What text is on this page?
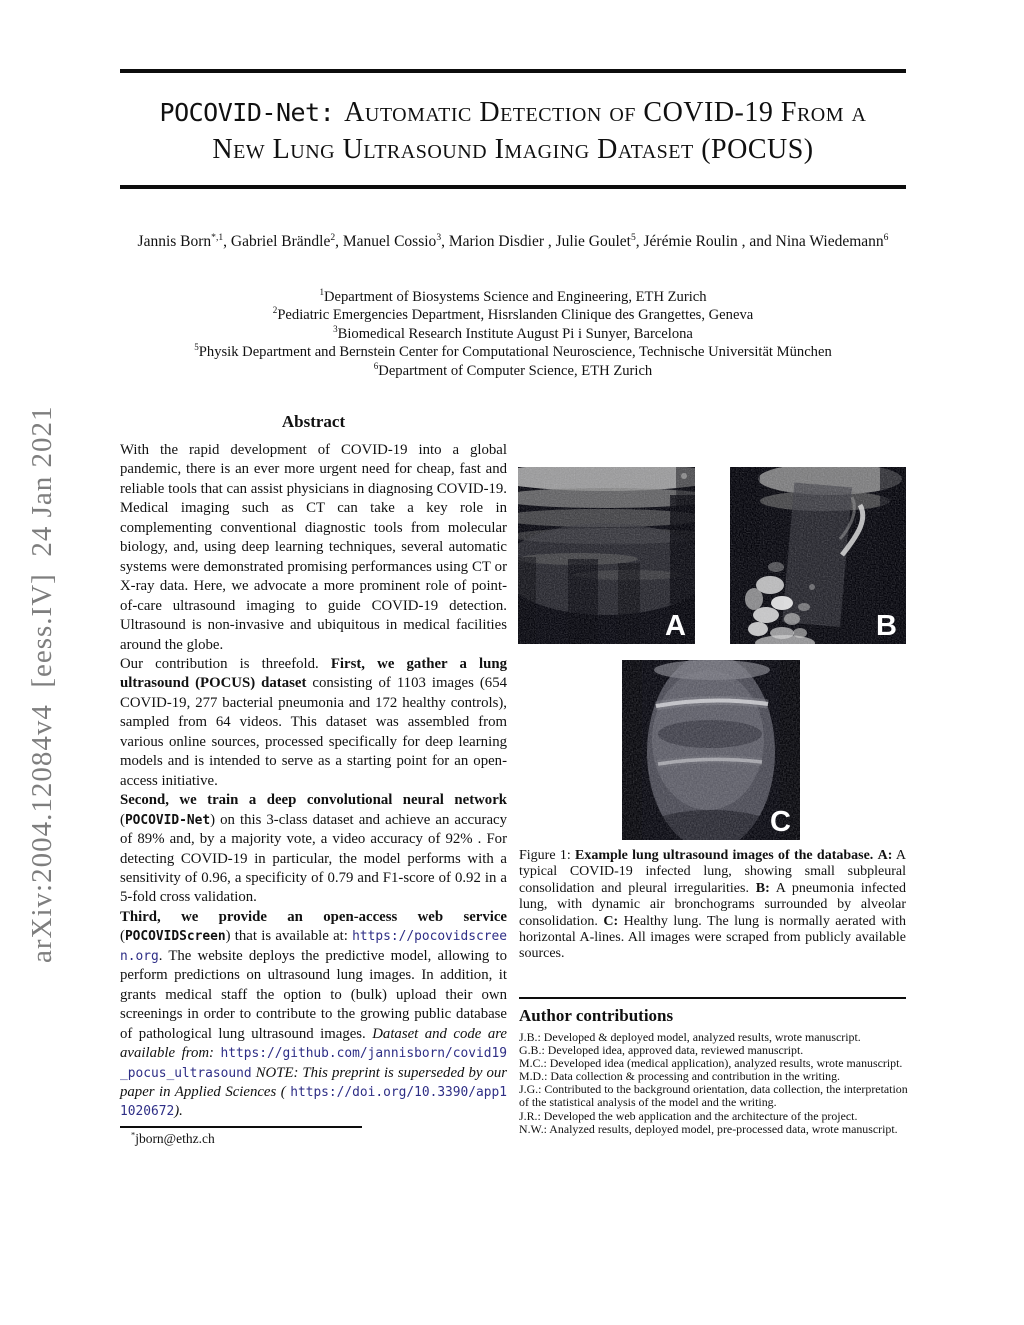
arXiv:2004.12084v4  [eess.IV]  24 Jan 2021
POCOVID-Net: Automatic Detection of COVID-19 From a
New Lung Ultrasound Imaging Dataset (POCUS)
Jannis Born$^{*,1}$, Gabriel Brändle$^2$, Manuel Cossio$^3$, Marion Disdier , Julie Goulet$^5$, Jérémie Roulin , and Nina Wiedemann$^6$
$^1$Department of Biosystems Science and Engineering, ETH Zurich
$^2$Pediatric Emergencies Department, Hisrslanden Clinique des Grangettes, Geneva
$^3$Biomedical Research Institute August Pi i Sunyer, Barcelona
$^5$Physik Department and Bernstein Center for Computational Neuroscience, Technische Universität München
$^6$Department of Computer Science, ETH Zurich
Abstract

With the rapid development of COVID-19 into a global pandemic, there is an ever more urgent need for cheap, fast and reliable tools that can assist physicians in diagnosing COVID-19. Medical imaging such as CT can take a key role in complementing conventional diagnostic tools from molecular biology, and, using deep learning techniques, several automatic systems were demonstrated promising performances using CT or X-ray data. Here, we advocate a more prominent role of point-of-care ultrasound imaging to guide COVID-19 detection. Ultrasound is non-invasive and ubiquitous in medical facilities around the globe.

Our contribution is threefold. First, we gather a lung ultrasound (POCUS) dataset consisting of 1103 images (654 COVID-19, 277 bacterial pneumonia and 172 healthy controls), sampled from 64 videos. This dataset was assembled from various online sources, processed specifically for deep learning models and is intended to serve as a starting point for an open-access initiative.

Second, we train a deep convolutional neural network (POCOVID-Net) on this 3-class dataset and achieve an accuracy of 89% and, by a majority vote, a video accuracy of 92% . For detecting COVID-19 in particular, the model performs with a sensitivity of 0.96, a specificity of 0.79 and F1-score of 0.92 in a 5-fold cross validation.

Third, we provide an open-access web service (POCOVIDScreen) that is available at: https://pocovidscreen.org. The website deploys the predictive model, allowing to perform predictions on ultrasound lung images. In addition, it grants medical staff the option to (bulk) upload their own screenings in order to contribute to the growing public database of pathological lung ultrasound images. Dataset and code are available from: https://github.com/jannisborn/covid19_pocus_ultrasound NOTE: This preprint is superseded by our paper in Applied Sciences ( https://doi.org/10.3390/app11020672).

*jborn@ethz.ch
A	B
C
Figure 1: Example lung ultrasound images of the database. A: A typical COVID-19 infected lung, showing small subpleural consolidation and pleural irregularities. B: A pneumonia infected lung, with dynamic air bronchograms surrounded by alveolar consolidation. C: Healthy lung. The lung is normally aerated with horizontal A-lines. All images were scraped from publicly available sources.
Author contributions
J.B.: Developed & deployed model, analyzed results, wrote manuscript.
G.B.: Developed idea, approved data, reviewed manuscript.
M.C.: Developed idea (medical application), analyzed results, wrote manuscript.
M.D.: Data collection & processing and contribution in the writing.
J.G.: Contributed to the background orientation, data collection, the interpretation of the statistical analysis of the model and the writing.
J.R.: Developed the web application and the architecture of the project.
N.W.: Analyzed results, deployed model, pre-processed data, wrote manuscript.
